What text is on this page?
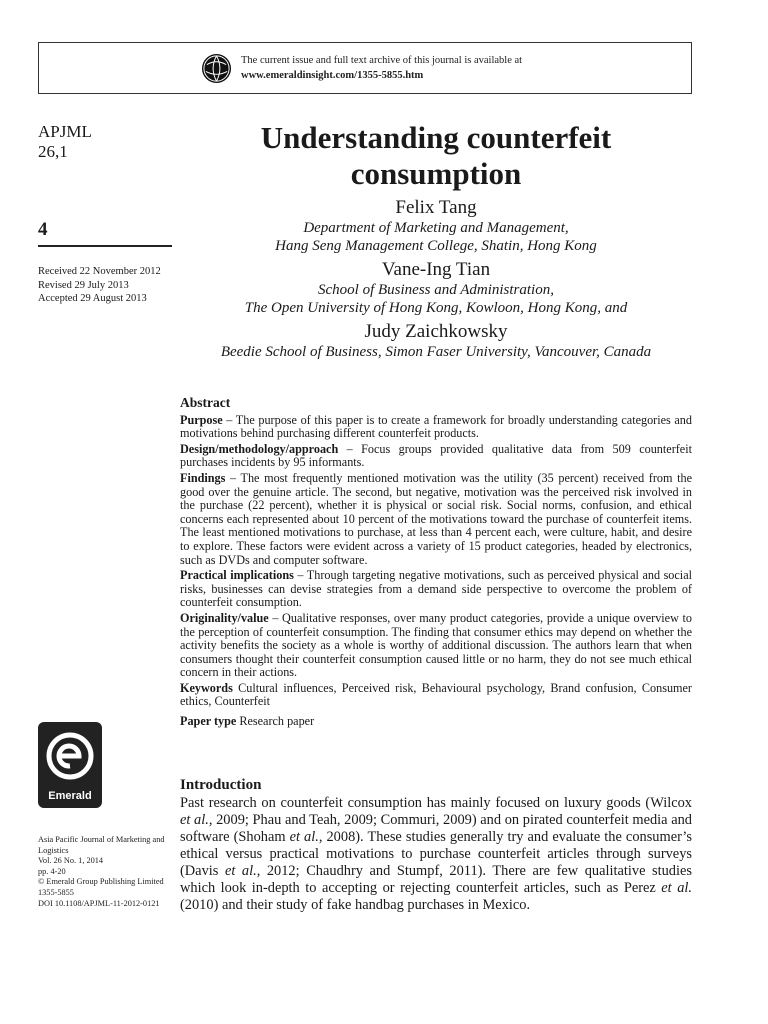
The current issue and full text archive of this journal is available at
www.emeraldinsight.com/1355-5855.htm
APJML
26,1
4
Received 22 November 2012
Revised 29 July 2013
Accepted 29 August 2013
Understanding counterfeit
consumption
Felix Tang
Department of Marketing and Management,
Hang Seng Management College, Shatin, Hong Kong
Vane-Ing Tian
School of Business and Administration,
The Open University of Hong Kong, Kowloon, Hong Kong, and
Judy Zaichkowsky
Beedie School of Business, Simon Faser University, Vancouver, Canada
Abstract

Purpose – The purpose of this paper is to create a framework for broadly understanding categories and motivations behind purchasing different counterfeit products.

Design/methodology/approach – Focus groups provided qualitative data from 509 counterfeit purchases incidents by 95 informants.

Findings – The most frequently mentioned motivation was the utility (35 percent) received from the good over the genuine article. The second, but negative, motivation was the perceived risk involved in the purchase (22 percent), whether it is physical or social risk. Social norms, confusion, and ethical concerns each represented about 10 percent of the motivations toward the purchase of counterfeit items. The least mentioned motivations to purchase, at less than 4 percent each, were culture, habit, and desire to explore. These factors were evident across a variety of 15 product categories, headed by electronics, such as DVDs and computer software.

Practical implications – Through targeting negative motivations, such as perceived physical and social risks, businesses can devise strategies from a demand side perspective to overcome the problem of counterfeit consumption.

Originality/value – Qualitative responses, over many product categories, provide a unique overview to the perception of counterfeit consumption. The finding that consumer ethics may depend on whether the activity benefits the society as a whole is worthy of additional discussion. The authors learn that when consumers thought their counterfeit consumption caused little or no harm, they do not see much ethical concern in their actions.

Keywords Cultural influences, Perceived risk, Behavioural psychology, Brand confusion, Consumer ethics, Counterfeit

Paper type Research paper

Emerald
Asia Pacific Journal of Marketing and Logistics
Vol. 26 No. 1, 2014
pp. 4-20
© Emerald Group Publishing Limited
1355-5855
DOI 10.1108/APJML-11-2012-0121
Introduction

Past research on counterfeit consumption has mainly focused on luxury goods (Wilcox et al., 2009; Phau and Teah, 2009; Commuri, 2009) and on pirated counterfeit media and software (Shoham et al., 2008). These studies generally try and evaluate the consumer’s ethical versus practical motivations to purchase counterfeit articles through surveys (Davis et al., 2012; Chaudhry and Stumpf, 2011). There are few qualitative studies which look in-depth to accepting or rejecting counterfeit articles, such as Perez et al. (2010) and their study of fake handbag purchases in Mexico.
